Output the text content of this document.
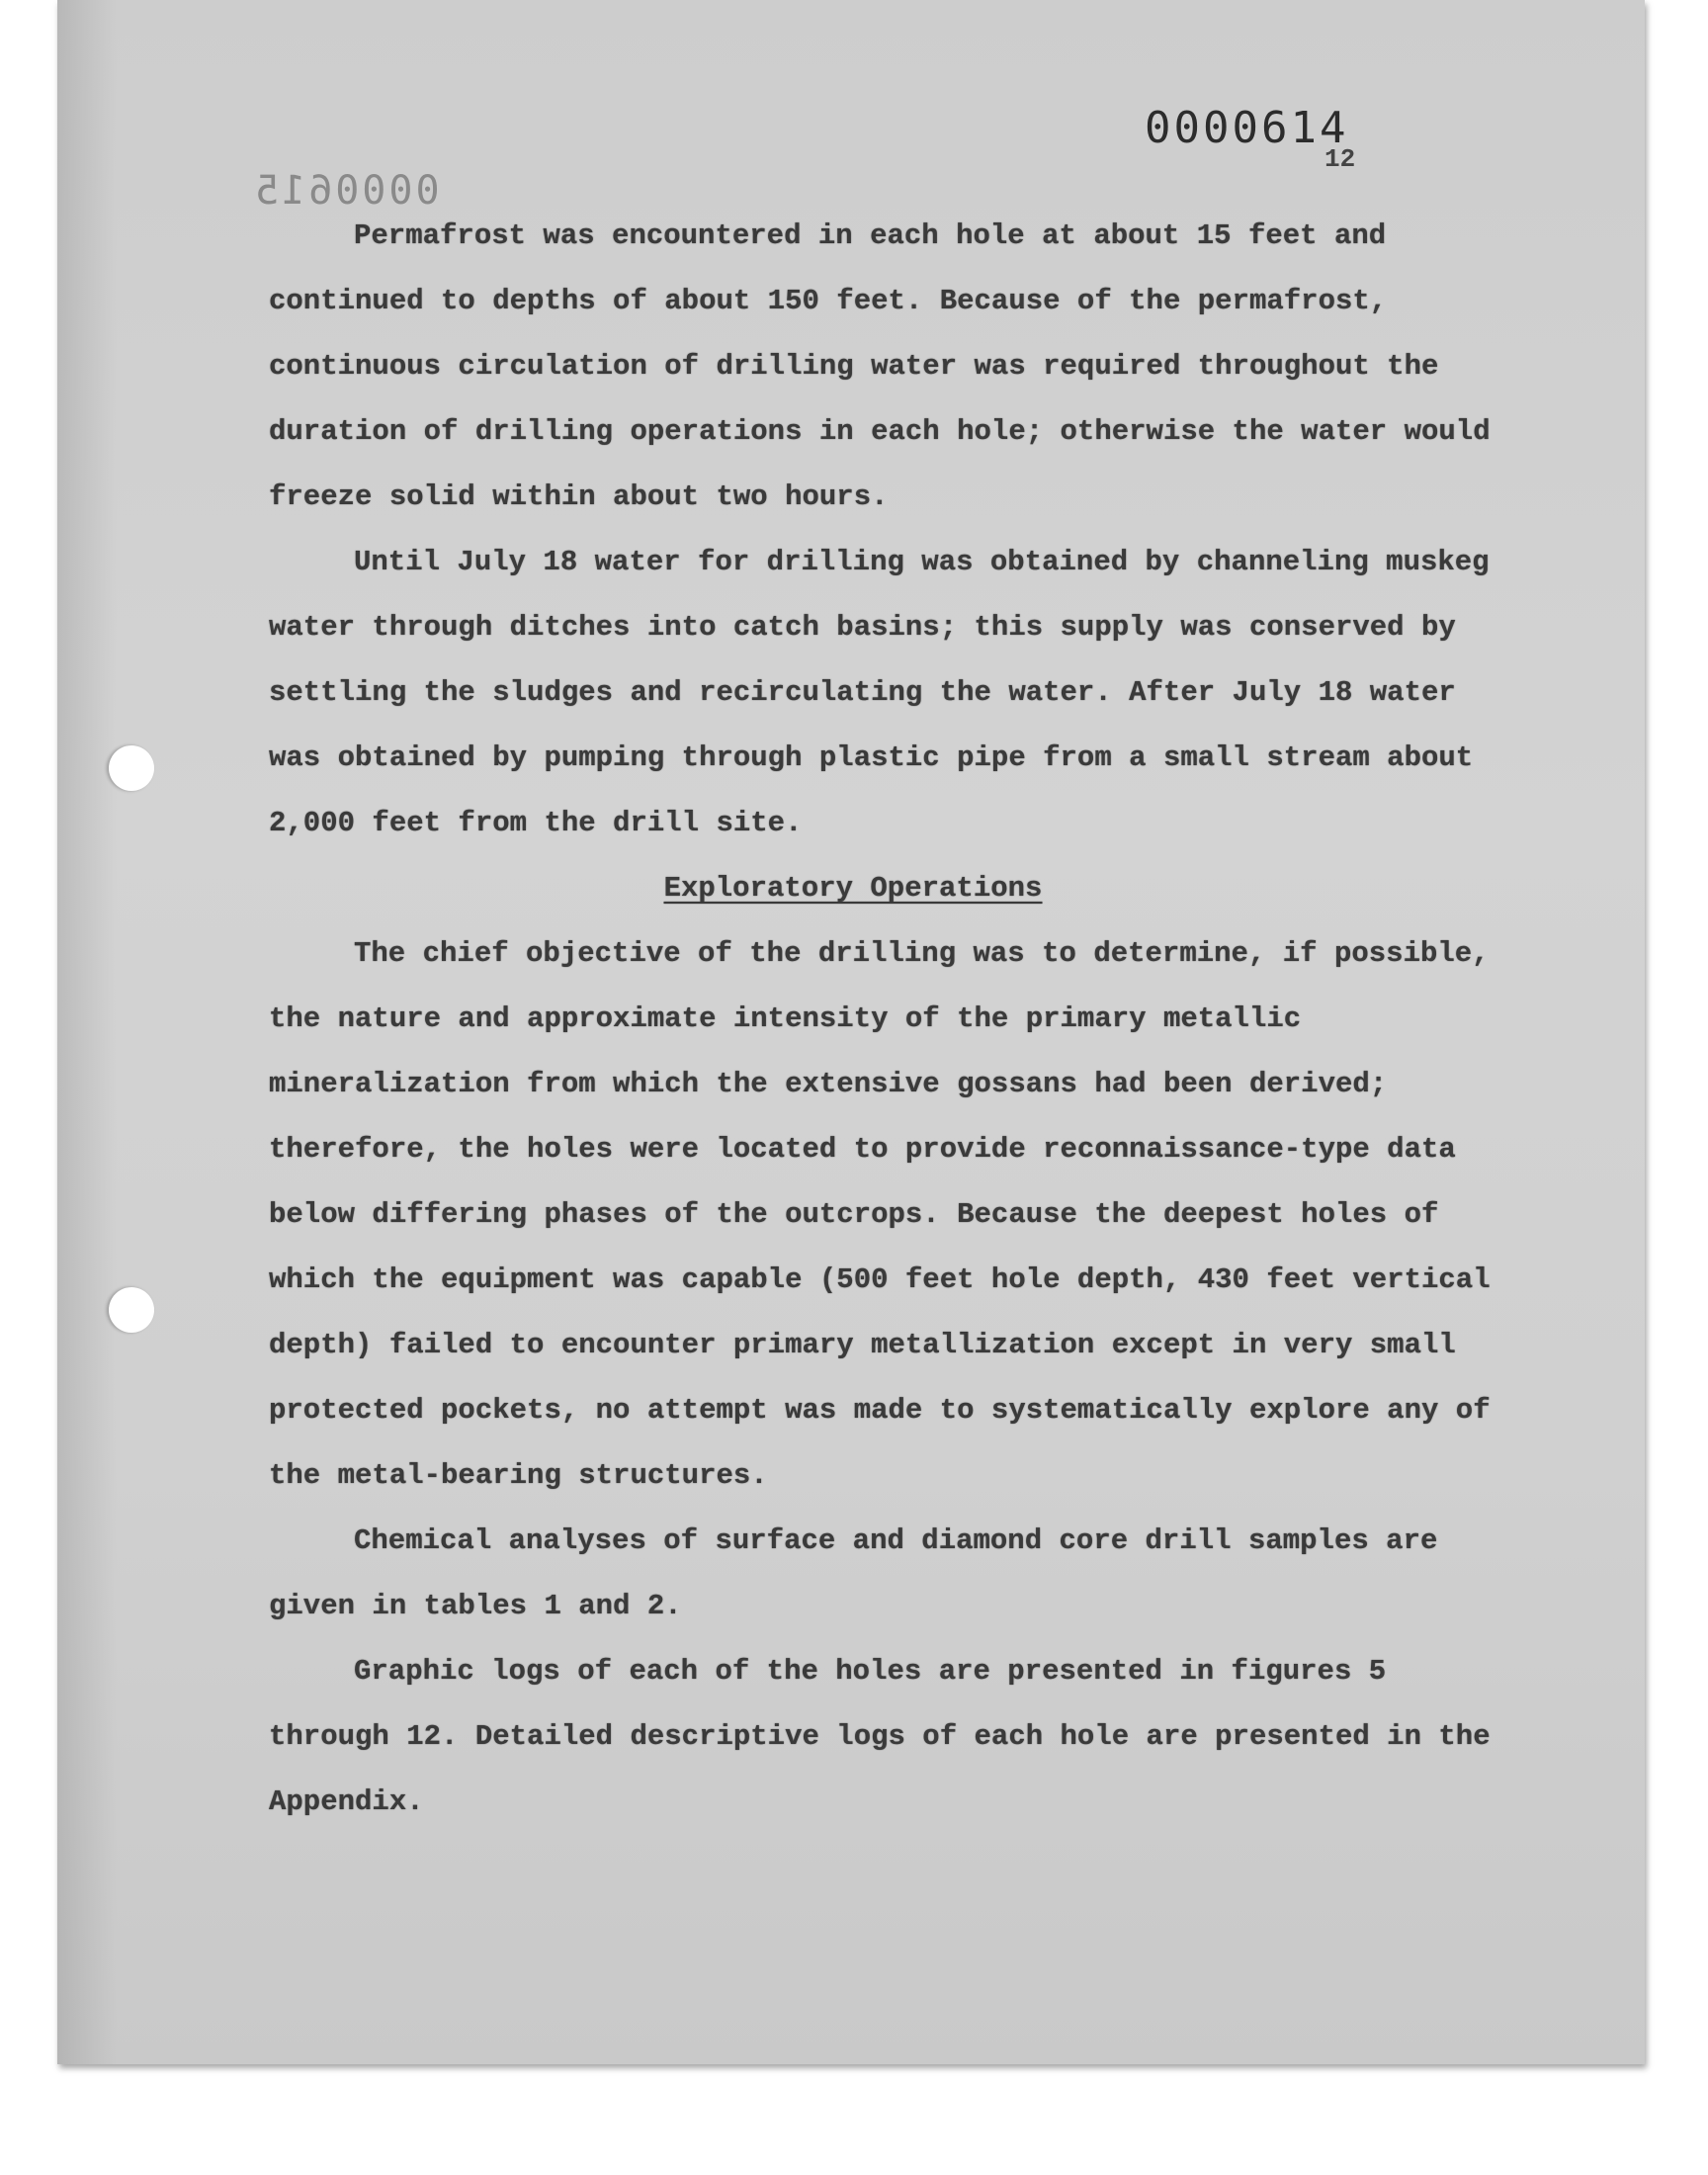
0000614
0000615
12

Permafrost was encountered in each hole at about 15 feet and continued to depths of about 150 feet. Because of the permafrost, continuous circulation of drilling water was required throughout the duration of drilling operations in each hole; otherwise the water would freeze solid within about two hours.

Until July 18 water for drilling was obtained by channeling muskeg water through ditches into catch basins; this supply was conserved by settling the sludges and recirculating the water. After July 18 water was obtained by pumping through plastic pipe from a small stream about 2,000 feet from the drill site.

Exploratory Operations

The chief objective of the drilling was to determine, if possible, the nature and approximate intensity of the primary metallic mineralization from which the extensive gossans had been derived; therefore, the holes were located to provide reconnaissance-type data below differing phases of the outcrops. Because the deepest holes of which the equipment was capable (500 feet hole depth, 430 feet vertical depth) failed to encounter primary metallization except in very small protected pockets, no attempt was made to systematically explore any of the metal-bearing structures.

Chemical analyses of surface and diamond core drill samples are given in tables 1 and 2.

Graphic logs of each of the holes are presented in figures 5 through 12. Detailed descriptive logs of each hole are presented in the Appendix.
